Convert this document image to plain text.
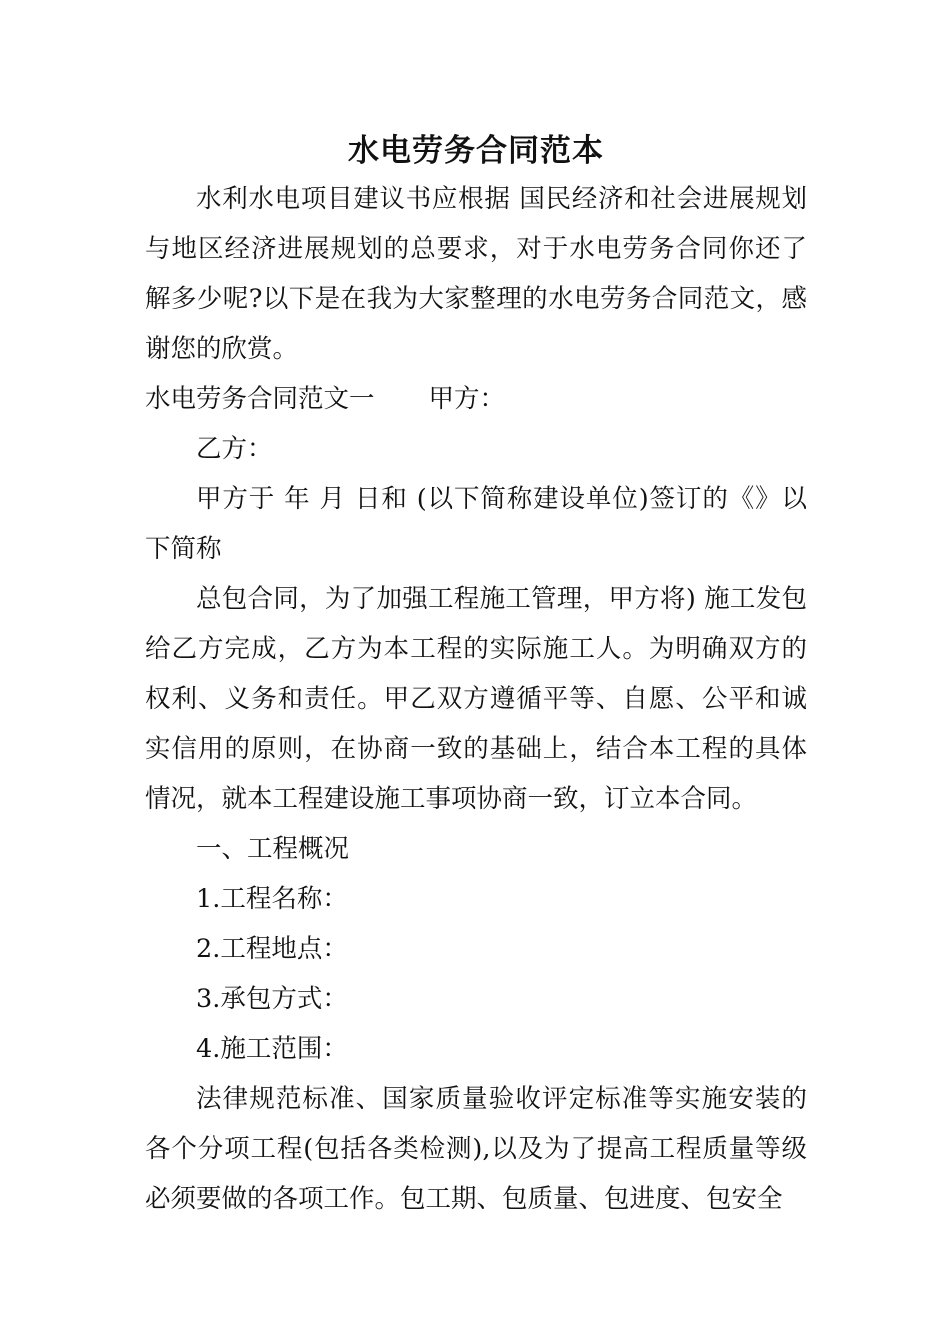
水电劳务合同范本

水利水电项目建议书应根据 国民经济和社会进展规划与地区经济进展规划的总要求，对于水电劳务合同你还了解多少呢?以下是在我为大家整理的水电劳务合同范文，感谢您的欣赏。

水电劳务合同范文一 甲方：

乙方：

甲方于 年 月 日和 (以下简称建设单位)签订的《》以下简称

总包合同，为了加强工程施工管理，甲方将) 施工发包给乙方完成，乙方为本工程的实际施工人。为明确双方的权利、义务和责任。甲乙双方遵循平等、自愿、公平和诚实信用的原则，在协商一致的基础上，结合本工程的具体情况，就本工程建设施工事项协商一致，订立本合同。

一、工程概况

1.工程名称：

2.工程地点：

3.承包方式：

4.施工范围：

法律规范标准、国家质量验收评定标准等实施安装的各个分项工程(包括各类检测),以及为了提高工程质量等级必须要做的各项工作。包工期、包质量、包进度、包安全
